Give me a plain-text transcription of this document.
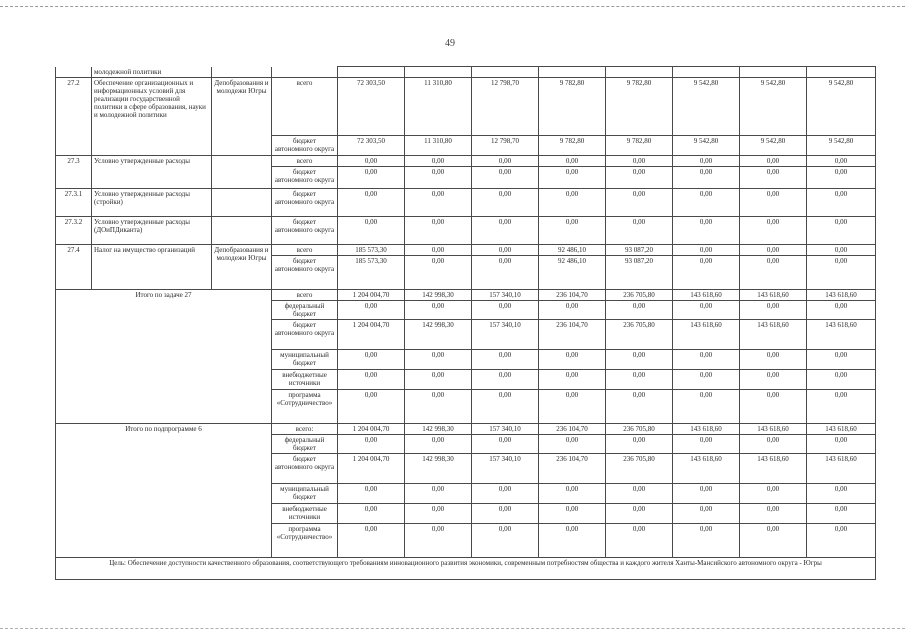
49
	молодежной политики										
27.2	Обеспечение организационных и информационных условий для реализации государственной политики в сфере образования, науки и молодежной политики	Депобразования и молодежи Югры	всего	72 303,50	11 310,80	12 798,70	9 782,80	9 782,80	9 542,80	9 542,80	9 542,80
			бюджет автономного округа	72 303,50	11 310,80	12 798,70	9 782,80	9 782,80	9 542,80	9 542,80	9 542,80
27.3	Условно утвержденные расходы		всего	0,00	0,00	0,00	0,00	0,00	0,00	0,00	0,00
			бюджет автономного округа	0,00	0,00	0,00	0,00	0,00	0,00	0,00	0,00
27.3.1	Условно утвержденные расходы (стройки)		бюджет автономного округа	0,00	0,00	0,00	0,00	0,00	0,00	0,00	0,00
27.3.2	Условно утвержденные расходы (ДОиПДиканта)		бюджет автономного округа	0,00	0,00	0,00	0,00	0,00	0,00	0,00	0,00
27.4	Налог на имущество организаций	Депобразования и молодежи Югры	всего	185 573,30	0,00	0,00	92 486,10	93 087,20	0,00	0,00	0,00
			бюджет автономного округа	185 573,30	0,00	0,00	92 486,10	93 087,20	0,00	0,00	0,00
Итого по задаче 27			всего	1 204 004,70	142 998,30	157 340,10	236 104,70	236 705,80	143 618,60	143 618,60	143 618,60
			федеральный бюджет	0,00	0,00	0,00	0,00	0,00	0,00	0,00	0,00
			бюджет автономного округа	1 204 004,70	142 998,30	157 340,10	236 104,70	236 705,80	143 618,60	143 618,60	143 618,60
			муниципальный бюджет	0,00	0,00	0,00	0,00	0,00	0,00	0,00	0,00
			внебюджетные источники	0,00	0,00	0,00	0,00	0,00	0,00	0,00	0,00
			программа «Сотрудничество»	0,00	0,00	0,00	0,00	0,00	0,00	0,00	0,00
Итого по подпрограмме 6			всего:	1 204 004,70	142 998,30	157 340,10	236 104,70	236 705,80	143 618,60	143 618,60	143 618,60
			федеральный бюджет	0,00	0,00	0,00	0,00	0,00	0,00	0,00	0,00
			бюджет автономного округа	1 204 004,70	142 998,30	157 340,10	236 104,70	236 705,80	143 618,60	143 618,60	143 618,60
			муниципальный бюджет	0,00	0,00	0,00	0,00	0,00	0,00	0,00	0,00
			внебюджетные источники	0,00	0,00	0,00	0,00	0,00	0,00	0,00	0,00
			программа «Сотрудничество»	0,00	0,00	0,00	0,00	0,00	0,00	0,00	0,00
Цель: Обеспечение доступности качественного образования, соответствующего требованиям инновационного развития экономики, современным потребностям общества и каждого жителя Ханты-Мансийского автономного округа - Югры											
